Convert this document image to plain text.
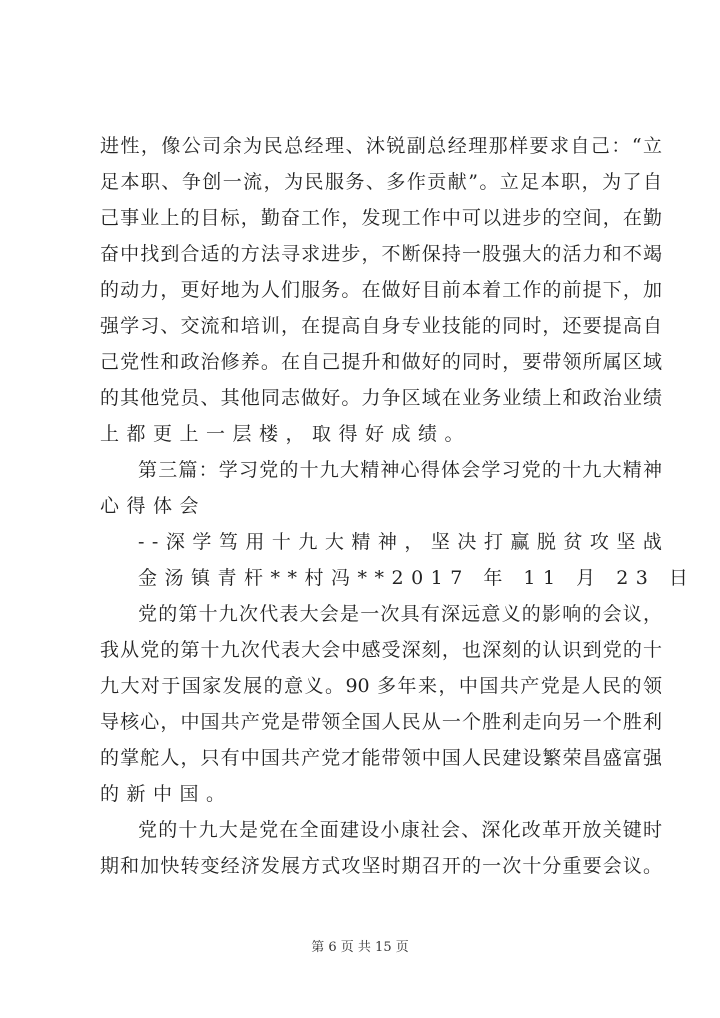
进性，像公司余为民总经理、沐锐副总经理那样要求自己：“立
足本职、争创一流，为民服务、多作贡献”。立足本职，为了自
己事业上的目标，勤奋工作，发现工作中可以进步的空间，在勤
奋中找到合适的方法寻求进步，不断保持一股强大的活力和不竭
的动力，更好地为人们服务。在做好目前本着工作的前提下，加
强学习、交流和培训，在提高自身专业技能的同时，还要提高自
己党性和政治修养。在自己提升和做好的同时，要带领所属区域
的其他党员、其他同志做好。力争区域在业务业绩上和政治业绩
上都更上一层楼，取得好成绩。
第三篇：学习党的十九大精神心得体会学习党的十九大精神
心得体会
--深学笃用十九大精神，坚决打赢脱贫攻坚战
金汤镇青杆**村冯**2017 年 11 月 23 日
党的第十九次代表大会是一次具有深远意义的影响的会议，
我从党的第十九次代表大会中感受深刻，也深刻的认识到党的十
九大对于国家发展的意义。90 多年来，中国共产党是人民的领
导核心，中国共产党是带领全国人民从一个胜利走向另一个胜利
的掌舵人，只有中国共产党才能带领中国人民建设繁荣昌盛富强
的新中国。
党的十九大是党在全面建设小康社会、深化改革开放关键时
期和加快转变经济发展方式攻坚时期召开的一次十分重要会议。
第 6 页 共 15 页
